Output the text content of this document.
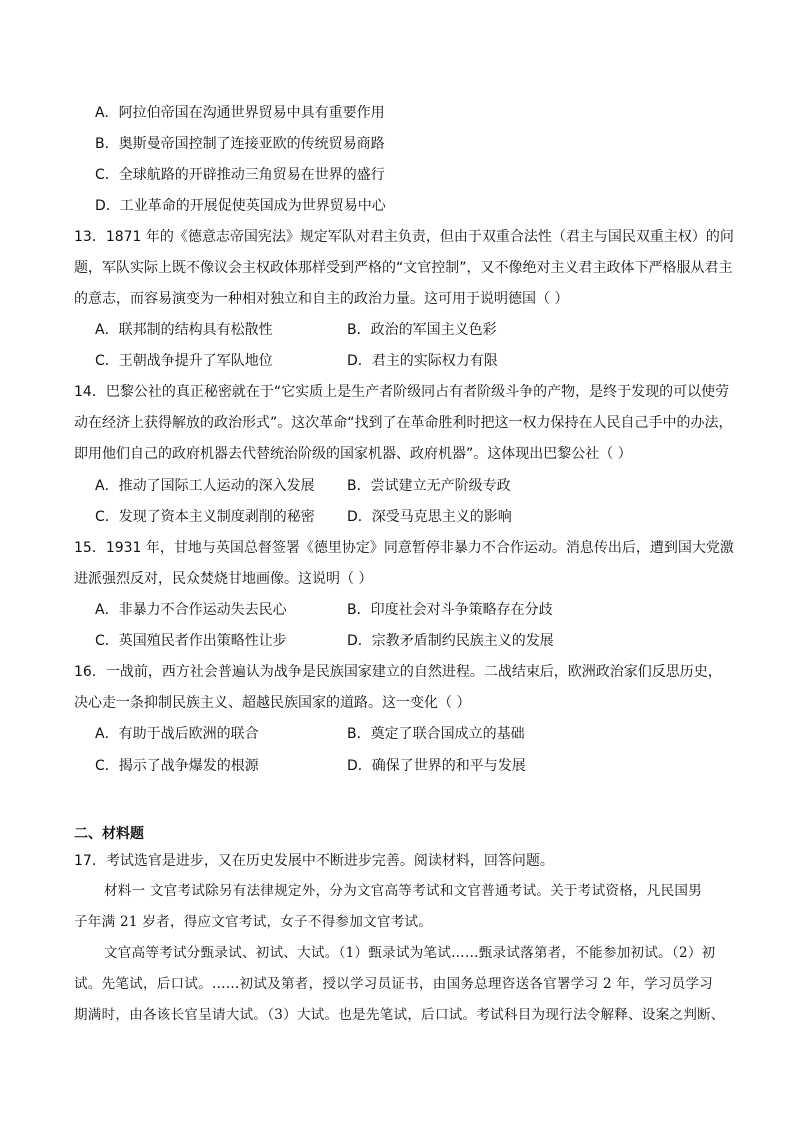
A．阿拉伯帝国在沟通世界贸易中具有重要作用
B．奥斯曼帝国控制了连接亚欧的传统贸易商路
C．全球航路的开辟推动三角贸易在世界的盛行
D．工业革命的开展促使英国成为世界贸易中心
13．1871 年的《德意志帝国宪法》规定军队对君主负责，但由于双重合法性（君主与国民双重主权）的问
题，军队实际上既不像议会主权政体那样受到严格的“文官控制”，又不像绝对主义君主政体下严格服从君主
的意志，而容易演变为一种相对独立和自主的政治力量。这可用于说明德国（ ）
A．联邦制的结构具有松散性	B．政治的军国主义色彩
C．王朝战争提升了军队地位	D．君主的实际权力有限
14．巴黎公社的真正秘密就在于“它实质上是生产者阶级同占有者阶级斗争的产物，是终于发现的可以使劳
动在经济上获得解放的政治形式”。这次革命“找到了在革命胜利时把这一权力保持在人民自己手中的办法，
即用他们自己的政府机器去代替统治阶级的国家机器、政府机器”。这体现出巴黎公社（ ）
A．推动了国际工人运动的深入发展	B．尝试建立无产阶级专政
C．发现了资本主义制度剥削的秘密	D．深受马克思主义的影响
15．1931 年，甘地与英国总督签署《德里协定》同意暂停非暴力不合作运动。消息传出后，遭到国大党激
进派强烈反对，民众焚烧甘地画像。这说明（ ）
A．非暴力不合作运动失去民心	B．印度社会对斗争策略存在分歧
C．英国殖民者作出策略性让步	D．宗教矛盾制约民族主义的发展
16．一战前，西方社会普遍认为战争是民族国家建立的自然进程。二战结束后，欧洲政治家们反思历史，
决心走一条抑制民族主义、超越民族国家的道路。这一变化（ ）
A．有助于战后欧洲的联合	B．奠定了联合国成立的基础
C．揭示了战争爆发的根源	D．确保了世界的和平与发展
二、材料题
17．考试选官是进步，又在历史发展中不断进步完善。阅读材料，回答问题。
材料一 文官考试除另有法律规定外，分为文官高等考试和文官普通考试。关于考试资格，凡民国男
子年满 21 岁者，得应文官考试，女子不得参加文官考试。
文官高等考试分甄录试、初试、大试。（1）甄录试为笔试……甄录试落第者，不能参加初试。（2）初
试。先笔试，后口试。……初试及第者，授以学习员证书，由国务总理咨送各官署学习 2 年，学习员学习
期满时，由各该长官呈请大试。（3）大试。也是先笔试，后口试。考试科目为现行法令解释、设案之判断、
